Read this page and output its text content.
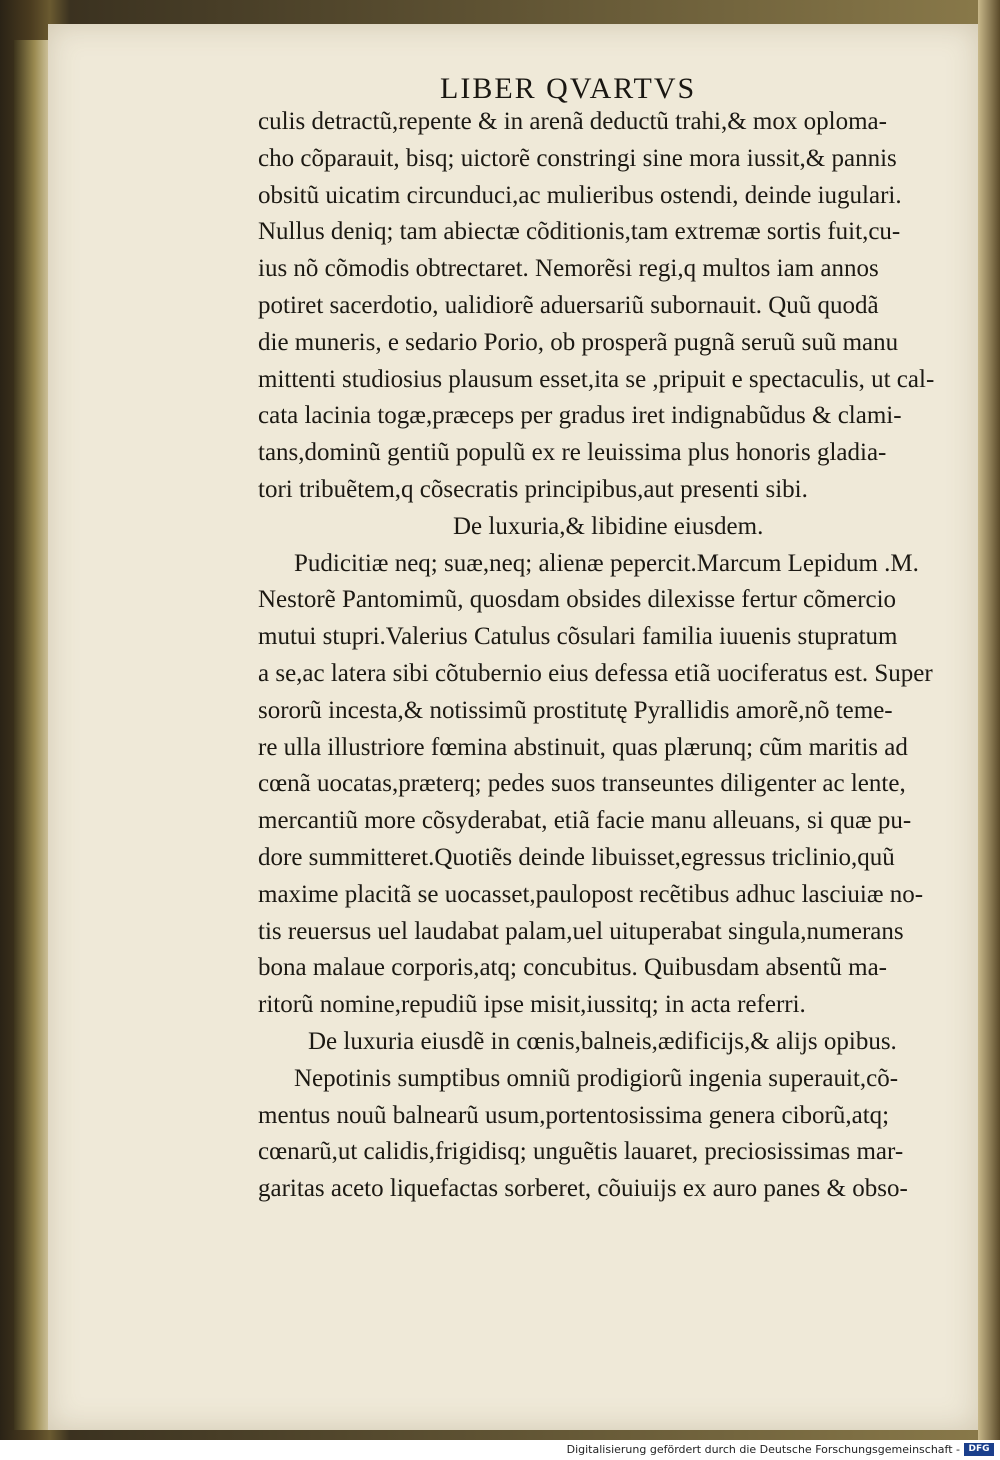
LIBER QVARTVS
culis detractũ,repente & in arenã deductũ trahi,& mox oploma-
cho cõparauit, bisq; uictorẽ constringi sine mora iussit,& pannis
obsitũ uicatim circunduci,ac mulieribus ostendi, deinde iugulari.
Nullus deniq; tam abiectæ cõditionis,tam extremæ sortis fuit,cu-
ius nõ cõmodis obtrectaret. Nemorẽsi regi,q multos iam annos
potiret sacerdotio, ualidiorẽ aduersariũ subornauit. Quũ quodã
die muneris, e sedario Porio, ob prosperã pugnã seruũ suũ manu
mittenti studiosius plausum esset,ita se ,pripuit e spectaculis, ut cal-
cata lacinia togæ,præceps per gradus iret indignabũdus & clami-
tans,dominũ gentiũ populũ ex re leuissima plus honoris gladia-
tori tribuẽtem,q cõsecratis principibus,aut presenti sibi.
De luxuria,& libidine eiusdem.
Pudicitiæ neq; suæ,neq; alienæ pepercit.Marcum Lepidum .M.
Nestorẽ Pantomimũ, quosdam obsides dilexisse fertur cõmercio
mutui stupri.Valerius Catulus cõsulari familia iuuenis stupratum
a se,ac latera sibi cõtubernio eius defessa etiã uociferatus est. Super
sororũ incesta,& notissimũ prostitutę Pyrallidis amorẽ,nõ teme-
re ulla illustriore fœmina abstinuit, quas plærunq; cũm maritis ad
cœnã uocatas,præterq; pedes suos transeuntes diligenter ac lente,
mercantiũ more cõsyderabat, etiã facie manu alleuans, si quæ pu-
dore summitteret.Quotiẽs deinde libuisset,egressus triclinio,quũ
maxime placitã se uocasset,paulopost recẽtibus adhuc lasciuiæ no-
tis reuersus uel laudabat palam,uel uituperabat singula,numerans
bona malaue corporis,atq; concubitus. Quibusdam absentũ ma-
ritorũ nomine,repudiũ ipse misit,iussitq; in acta referri.
De luxuria eiusdẽ in cœnis,balneis,ædificijs,& alijs opibus.
Nepotinis sumptibus omniũ prodigiorũ ingenia superauit,cõ-
mentus nouũ balnearũ usum,portentosissima genera ciborũ,atq;
cœnarũ,ut calidis,frigidisq; unguẽtis lauaret, preciosissimas mar-
garitas aceto liquefactas sorberet, cõuiuijs ex auro panes & obso-
Digitalisierung gefördert durch die Deutsche Forschungsgemeinschaft - DFG
